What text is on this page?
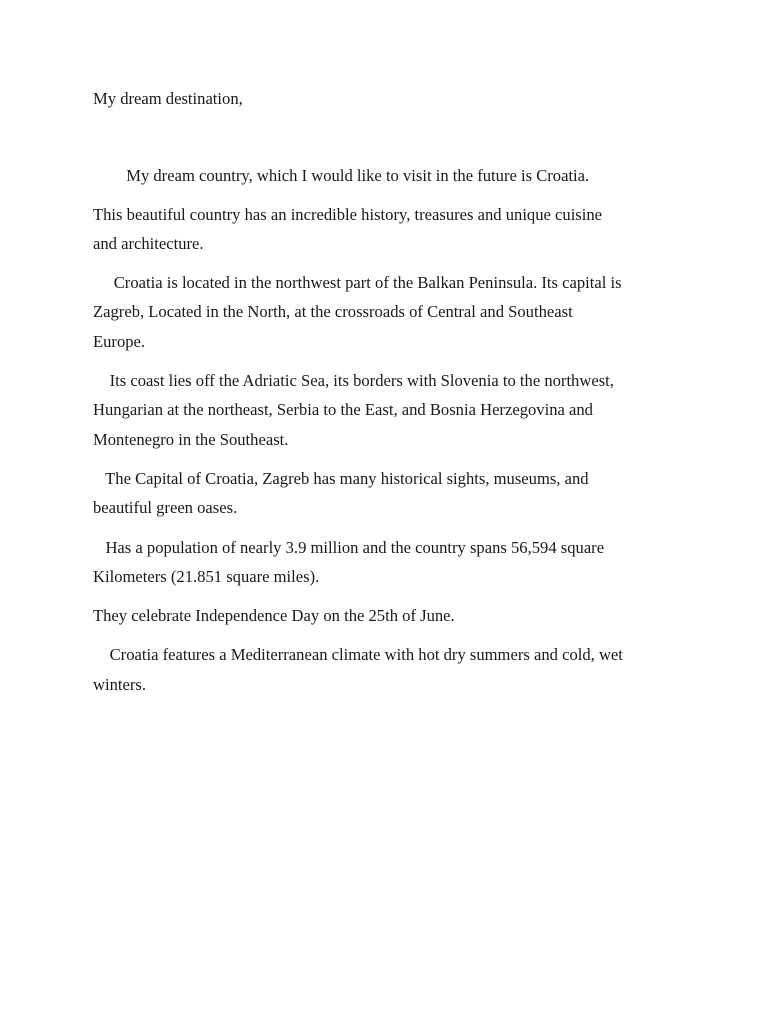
My dream destination,
My dream country, which I would like to visit in the future is Croatia.
This beautiful country has an incredible history, treasures and unique cuisine
and architecture.
Croatia is located in the northwest part of the Balkan Peninsula. Its capital is
Zagreb, Located in the North, at the crossroads of Central and Southeast
Europe.
Its coast lies off the Adriatic Sea, its borders with Slovenia to the northwest,
Hungarian at the northeast, Serbia to the East, and Bosnia Herzegovina and
Montenegro in the Southeast.
The Capital of Croatia, Zagreb has many historical sights, museums, and
beautiful green oases.
Has a population of nearly 3.9 million and the country spans 56,594 square
Kilometers (21.851 square miles).
They celebrate Independence Day on the 25th of June.
Croatia features a Mediterranean climate with hot dry summers and cold, wet
winters.
